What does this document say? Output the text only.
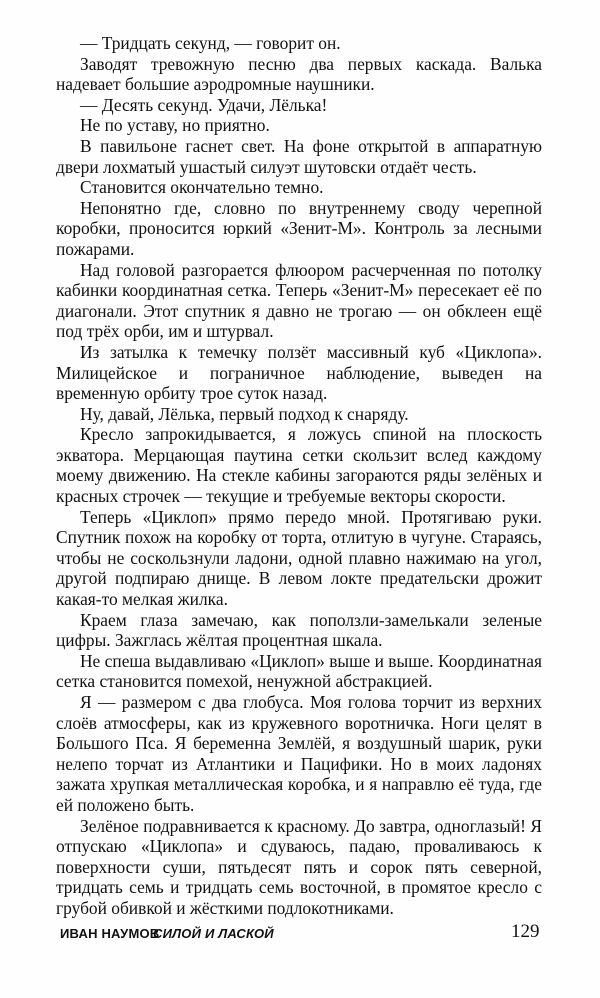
— Тридцать секунд, — говорит он.

Заводят тревожную песню два первых каскада. Валька надевает большие аэродромные наушники.

— Десять секунд. Удачи, Лёлька!

Не по уставу, но приятно.

В павильоне гаснет свет. На фоне открытой в аппаратную двери лохматый ушастый силуэт шутовски отдаёт честь.

Становится окончательно темно.

Непонятно где, словно по внутреннему своду черепной коробки, проносится юркий «Зенит-М». Контроль за лесными пожарами.

Над головой разгорается флюором расчерченная по потолку кабинки координатная сетка. Теперь «Зенит-М» пересекает её по диагонали. Этот спутник я давно не трогаю — он обклеен ещё под трёх орби, им и штурвал.

Из затылка к темечку ползёт массивный куб «Циклопа». Милицейское и пограничное наблюдение, выведен на временную орбиту трое суток назад.

Ну, давай, Лёлька, первый подход к снаряду.

Кресло запрокидывается, я ложусь спиной на плоскость экватора. Мерцающая паутина сетки скользит вслед каждому моему движению. На стекле кабины загораются ряды зелёных и красных строчек — текущие и требуемые векторы скорости.

Теперь «Циклоп» прямо передо мной. Протягиваю руки. Спутник похож на коробку от торта, отлитую в чугуне. Стараясь, чтобы не соскользнули ладони, одной плавно нажимаю на угол, другой подпираю днище. В левом локте предательски дрожит какая-то мелкая жилка.

Краем глаза замечаю, как поползли-замелькали зеленые цифры. Зажглась жёлтая процентная шкала.

Не спеша выдавливаю «Циклоп» выше и выше. Координатная сетка становится помехой, ненужной абстракцией.

Я — размером с два глобуса. Моя голова торчит из верхних слоёв атмосферы, как из кружевного воротничка. Ноги целят в Большого Пса. Я беременна Землёй, я воздушный шарик, руки нелепо торчат из Атлантики и Пацифики. Но в моих ладонях зажата хрупкая металлическая коробка, и я направлю её туда, где ей положено быть.

Зелёное подравнивается к красному. До завтра, одноглазый! Я отпускаю «Циклопа» и сдуваюсь, падаю, проваливаюсь к поверхности суши, пятьдесят пять и сорок пять северной, тридцать семь и тридцать семь восточной, в промятое кресло с грубой обивкой и жёсткими подлокотниками.

ИВАН НАУМОВ
СИЛОЙ И ЛАСКОЙ	129
